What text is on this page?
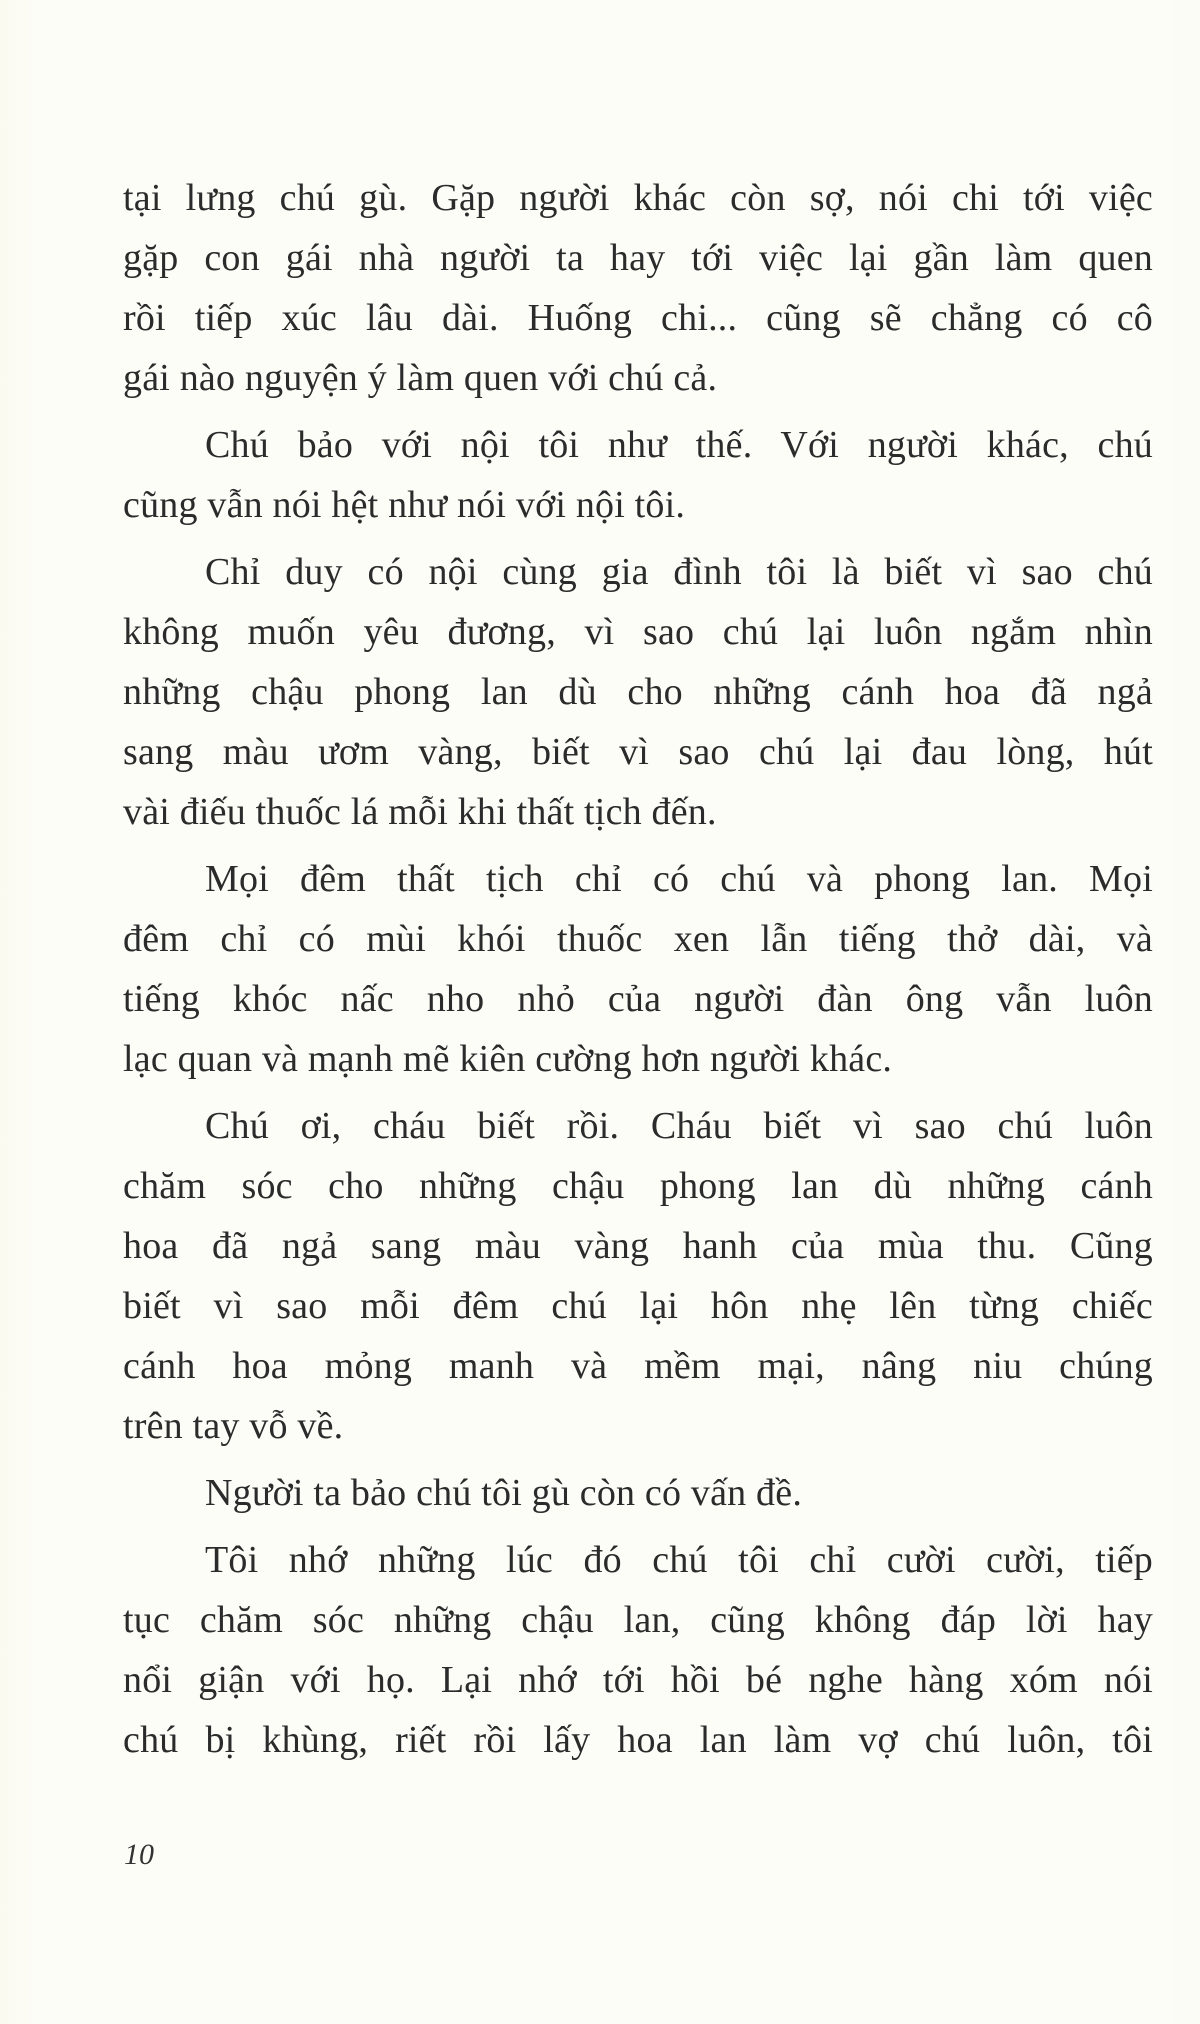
tại lưng chú gù. Gặp người khác còn sợ, nói chi tới việc
gặp con gái nhà người ta hay tới việc lại gần làm quen
rồi tiếp xúc lâu dài. Huống chi... cũng sẽ chẳng có cô
gái nào nguyện ý làm quen với chú cả.

Chú bảo với nội tôi như thế. Với người khác, chú
cũng vẫn nói hệt như nói với nội tôi.

Chỉ duy có nội cùng gia đình tôi là biết vì sao chú
không muốn yêu đương, vì sao chú lại luôn ngắm nhìn
những chậu phong lan dù cho những cánh hoa đã ngả
sang màu ươm vàng, biết vì sao chú lại đau lòng, hút
vài điếu thuốc lá mỗi khi thất tịch đến.

Mọi đêm thất tịch chỉ có chú và phong lan. Mọi
đêm chỉ có mùi khói thuốc xen lẫn tiếng thở dài, và
tiếng khóc nấc nho nhỏ của người đàn ông vẫn luôn
lạc quan và mạnh mẽ kiên cường hơn người khác.

Chú ơi, cháu biết rồi. Cháu biết vì sao chú luôn
chăm sóc cho những chậu phong lan dù những cánh
hoa đã ngả sang màu vàng hanh của mùa thu. Cũng
biết vì sao mỗi đêm chú lại hôn nhẹ lên từng chiếc
cánh hoa mỏng manh và mềm mại, nâng niu chúng
trên tay vỗ về.

Người ta bảo chú tôi gù còn có vấn đề.

Tôi nhớ những lúc đó chú tôi chỉ cười cười, tiếp
tục chăm sóc những chậu lan, cũng không đáp lời hay
nổi giận với họ. Lại nhớ tới hồi bé nghe hàng xóm nói
chú bị khùng, riết rồi lấy hoa lan làm vợ chú luôn, tôi

10
